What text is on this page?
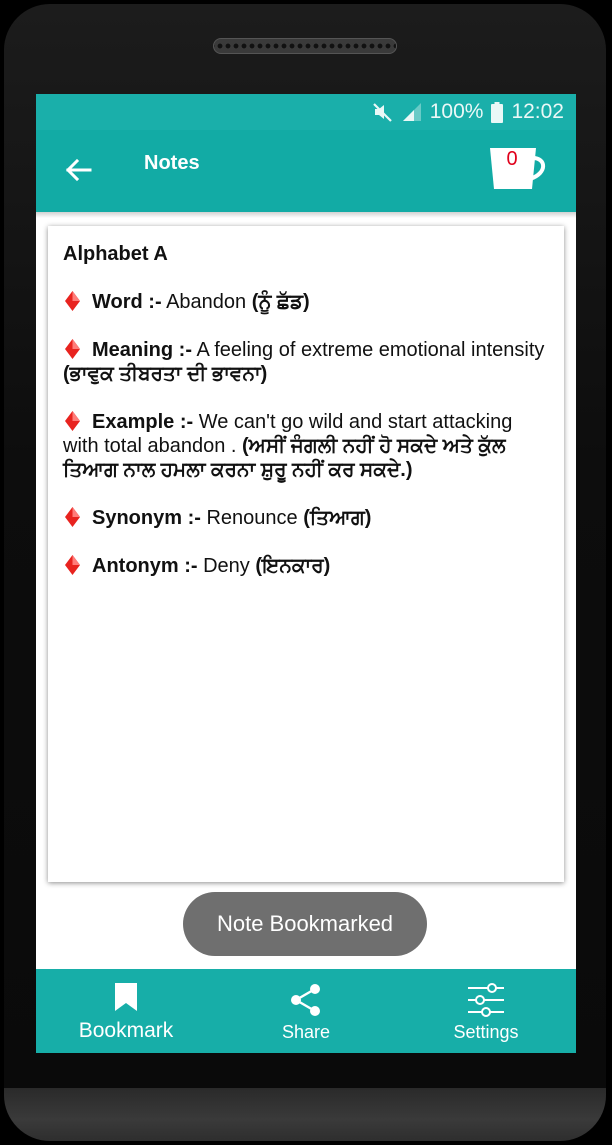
100% 12:02
Notes	0

Alphabet A

Word :- Abandon (ਨੂੰ ਛੱਡ)

Meaning :- A feeling of extreme emotional intensity (ਭਾਵੁਕ ਤੀਬਰਤਾ ਦੀ ਭਾਵਨਾ)

Example :- We can't go wild and start attacking with total abandon . (ਅਸੀਂ ਜੰਗਲੀ ਨਹੀਂ ਹੋ ਸਕਦੇ ਅਤੇ ਕੁੱਲ ਤਿਆਗ ਨਾਲ ਹਮਲਾ ਕਰਨਾ ਸ਼ੁਰੂ ਨਹੀਂ ਕਰ ਸਕਦੇ.)

Synonym :- Renounce (ਤਿਆਗ)

Antonym :- Deny (ਇਨਕਾਰ)

Note Bookmarked
Bookmark	Share	Settings
